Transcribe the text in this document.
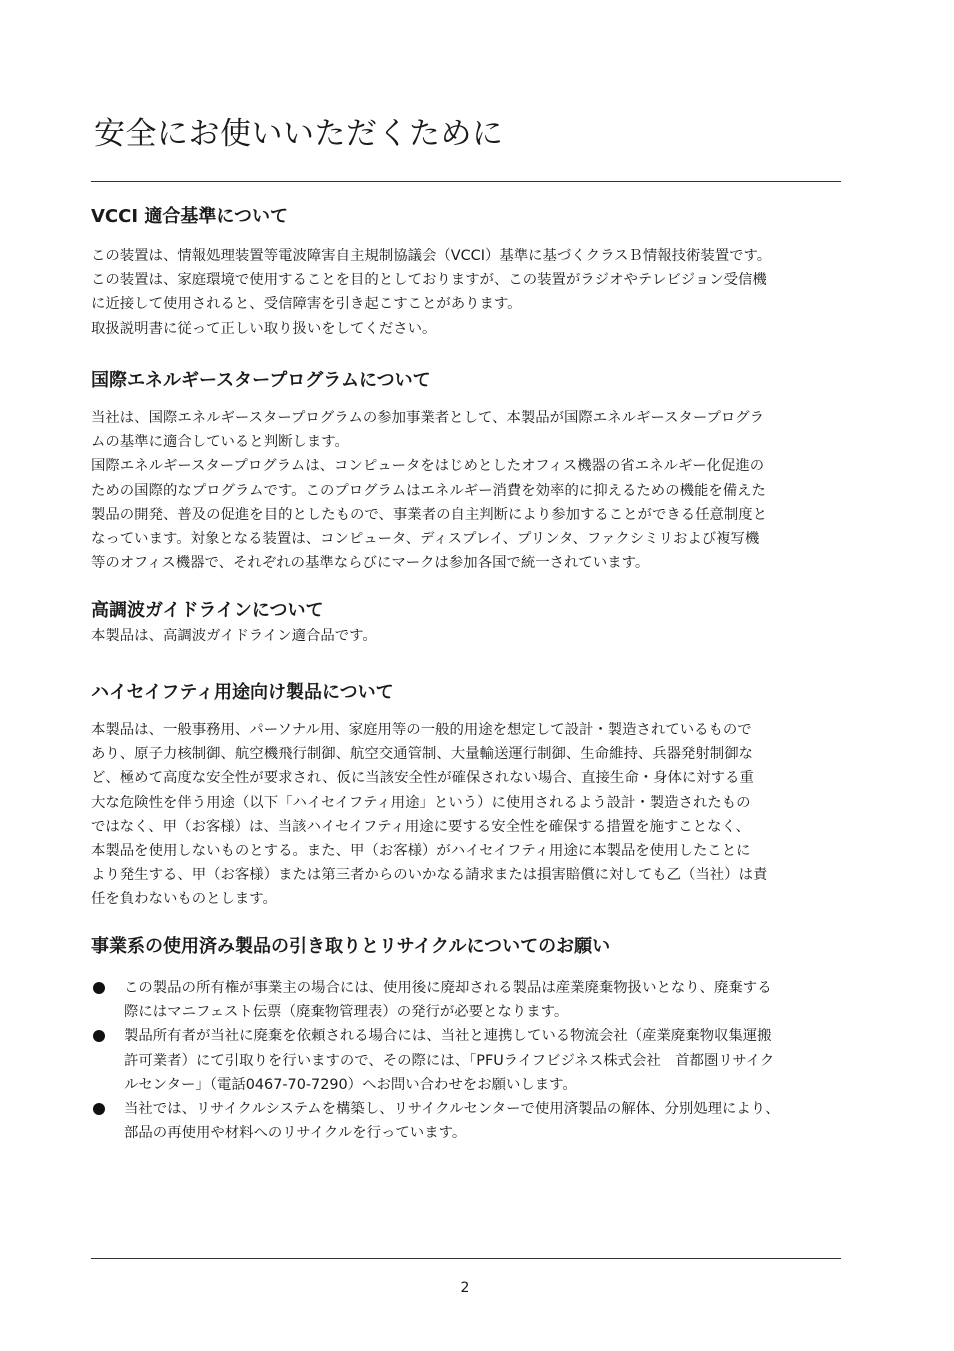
安全にお使いいただくために
VCCI 適合基準について

この装置は、情報処理装置等電波障害自主規制協議会（VCCI）基準に基づくクラスＢ情報技術装置です。

この装置は、家庭環境で使用することを目的としておりますが、この装置がラジオやテレビジョン受信機

に近接して使用されると、受信障害を引き起こすことがあります。

取扱説明書に従って正しい取り扱いをしてください。

国際エネルギースタープログラムについて

当社は、国際エネルギースタープログラムの参加事業者として、本製品が国際エネルギースタープログラ

ムの基準に適合していると判断します。

国際エネルギースタープログラムは、コンピュータをはじめとしたオフィス機器の省エネルギー化促進の

ための国際的なプログラムです。このプログラムはエネルギー消費を効率的に抑えるための機能を備えた

製品の開発、普及の促進を目的としたもので、事業者の自主判断により参加することができる任意制度と

なっています。対象となる装置は、コンピュータ、ディスプレイ、プリンタ、ファクシミリおよび複写機

等のオフィス機器で、それぞれの基準ならびにマークは参加各国で統一されています。

高調波ガイドラインについて

本製品は、高調波ガイドライン適合品です。

ハイセイフティ用途向け製品について

本製品は、一般事務用、パーソナル用、家庭用等の一般的用途を想定して設計・製造されているもので

あり、原子力核制御、航空機飛行制御、航空交通管制、大量輸送運行制御、生命維持、兵器発射制御な

ど、極めて高度な安全性が要求され、仮に当該安全性が確保されない場合、直接生命・身体に対する重

大な危険性を伴う用途（以下「ハイセイフティ用途」という）に使用されるよう設計・製造されたもの

ではなく、甲（お客様）は、当該ハイセイフティ用途に要する安全性を確保する措置を施すことなく、

本製品を使用しないものとする。また、甲（お客様）がハイセイフティ用途に本製品を使用したことに

より発生する、甲（お客様）または第三者からのいかなる請求または損害賠償に対しても乙（当社）は責

任を負わないものとします。

事業系の使用済み製品の引き取りとリサイクルについてのお願い
この製品の所有権が事業主の場合には、使用後に廃却される製品は産業廃棄物扱いとなり、廃棄する
際にはマニフェスト伝票（廃棄物管理表）の発行が必要となります。
製品所有者が当社に廃棄を依頼される場合には、当社と連携している物流会社（産業廃棄物収集運搬
許可業者）にて引取りを行いますので、その際には、「PFUライフビジネス株式会社　首都圏リサイク
ルセンター」（電話0467-70-7290）へお問い合わせをお願いします。
当社では、リサイクルシステムを構築し、リサイクルセンターで使用済製品の解体、分別処理により、
部品の再使用や材料へのリサイクルを行っています。
2
